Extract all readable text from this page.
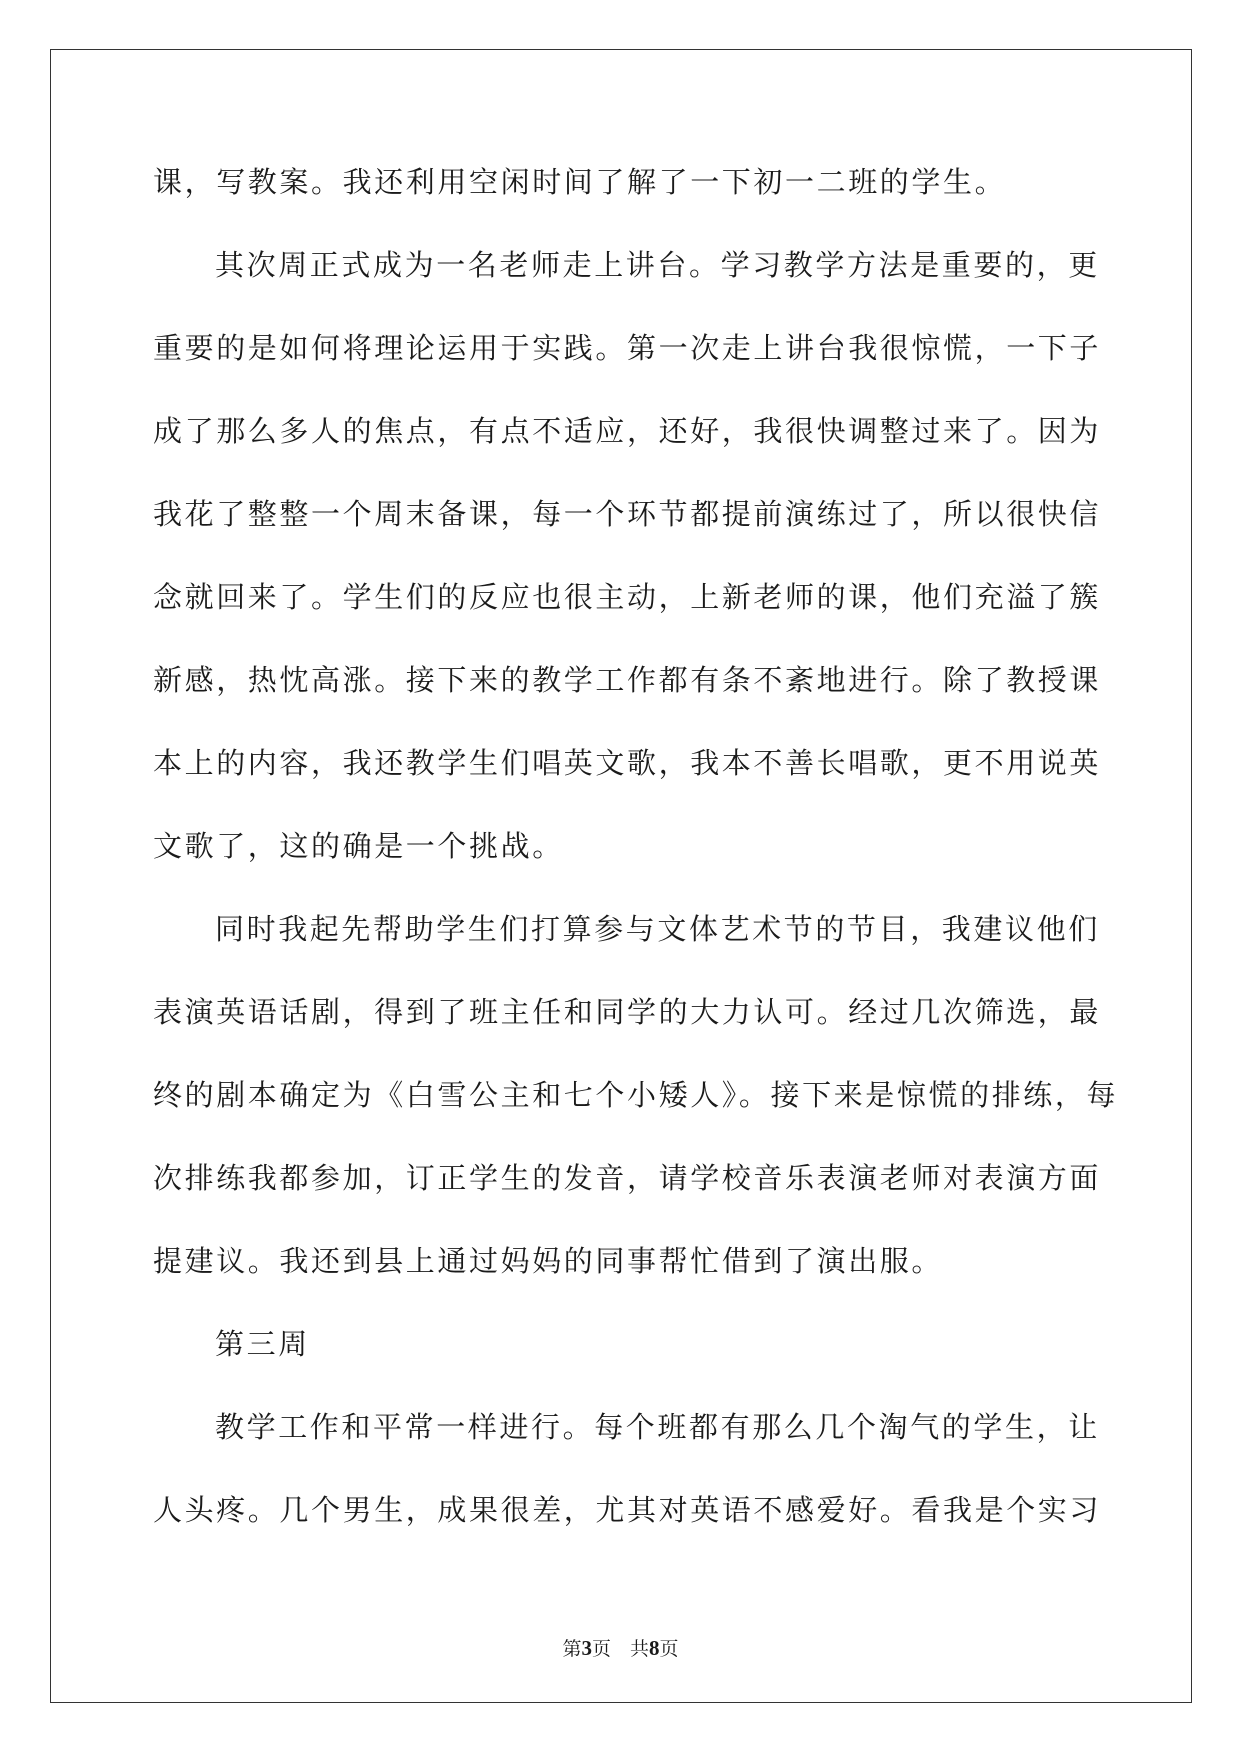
课，写教案。我还利用空闲时间了解了一下初一二班的学生。
其次周正式成为一名老师走上讲台。学习教学方法是重要的，更
重要的是如何将理论运用于实践。第一次走上讲台我很惊慌，一下子
成了那么多人的焦点，有点不适应，还好，我很快调整过来了。因为
我花了整整一个周末备课，每一个环节都提前演练过了，所以很快信
念就回来了。学生们的反应也很主动，上新老师的课，他们充溢了簇
新感，热忱高涨。接下来的教学工作都有条不紊地进行。除了教授课
本上的内容，我还教学生们唱英文歌，我本不善长唱歌，更不用说英
文歌了，这的确是一个挑战。
同时我起先帮助学生们打算参与文体艺术节的节目，我建议他们
表演英语话剧，得到了班主任和同学的大力认可。经过几次筛选，最
终的剧本确定为《白雪公主和七个小矮人》。接下来是惊慌的排练，每
次排练我都参加，订正学生的发音，请学校音乐表演老师对表演方面
提建议。我还到县上通过妈妈的同事帮忙借到了演出服。
第三周
教学工作和平常一样进行。每个班都有那么几个淘气的学生，让
人头疼。几个男生，成果很差，尤其对英语不感爱好。看我是个实习
第3页　共8页
